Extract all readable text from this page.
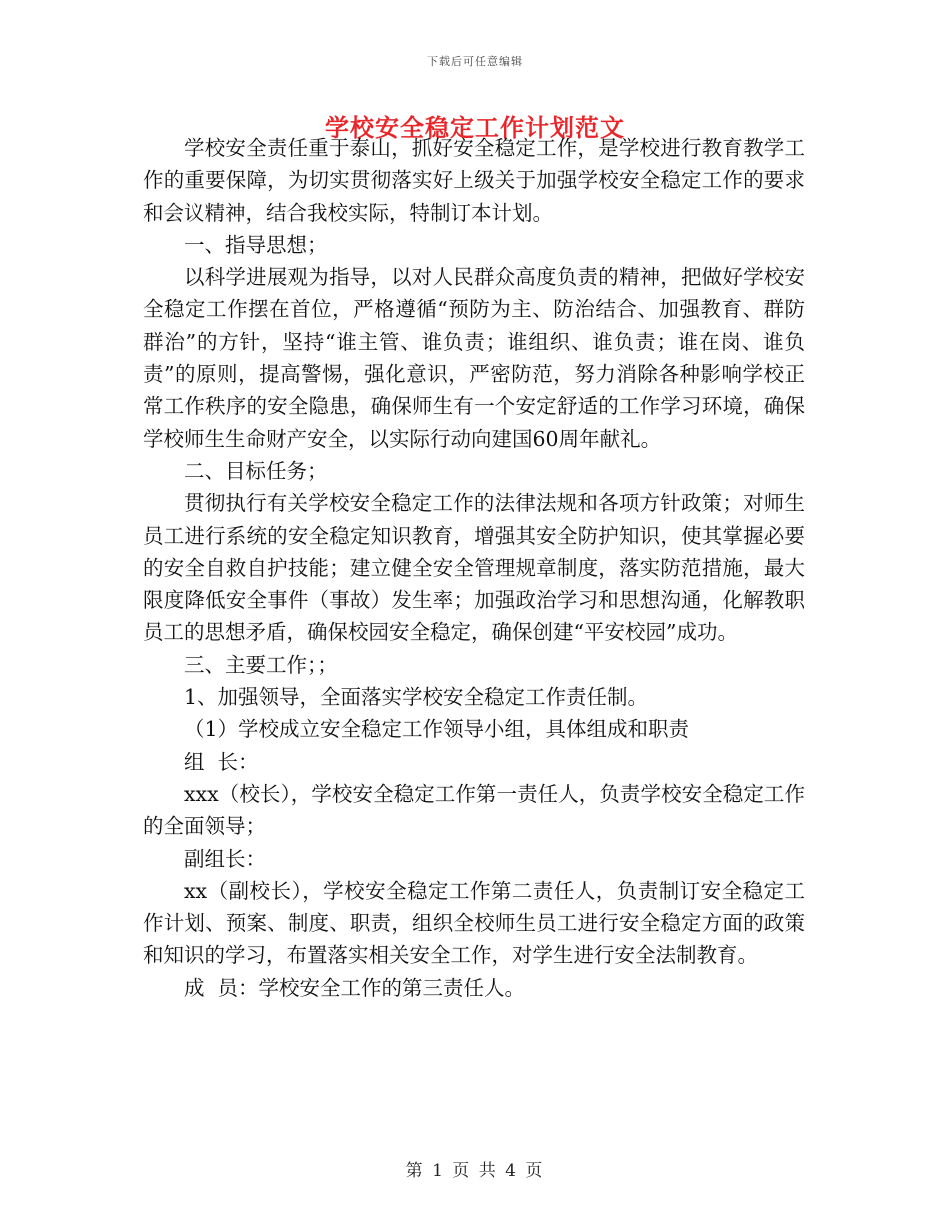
下载后可任意编辑
学校安全稳定工作计划范文

学校安全责任重于泰山，抓好安全稳定工作，是学校进行教育教学工作的重要保障，为切实贯彻落实好上级关于加强学校安全稳定工作的要求和会议精神，结合我校实际，特制订本计划。

一、指导思想；

以科学进展观为指导，以对人民群众高度负责的精神，把做好学校安全稳定工作摆在首位，严格遵循“预防为主、防治结合、加强教育、群防群治”的方针，坚持“谁主管、谁负责；谁组织、谁负责；谁在岗、谁负责”的原则，提高警惕，强化意识，严密防范，努力消除各种影响学校正常工作秩序的安全隐患，确保师生有一个安定舒适的工作学习环境，确保学校师生生命财产安全，以实际行动向建国60周年献礼。

二、目标任务；

贯彻执行有关学校安全稳定工作的法律法规和各项方针政策；对师生员工进行系统的安全稳定知识教育，增强其安全防护知识，使其掌握必要的安全自救自护技能；建立健全安全管理规章制度，落实防范措施，最大限度降低安全事件（事故）发生率；加强政治学习和思想沟通，化解教职员工的思想矛盾，确保校园安全稳定，确保创建“平安校园”成功。

三、主要工作；；

1、加强领导，全面落实学校安全稳定工作责任制。

（1）学校成立安全稳定工作领导小组，具体组成和职责

组  长：

xxx（校长），学校安全稳定工作第一责任人，负责学校安全稳定工作的全面领导；

副组长：

xx（副校长），学校安全稳定工作第二责任人，负责制订安全稳定工作计划、预案、制度、职责，组织全校师生员工进行安全稳定方面的政策和知识的学习，布置落实相关安全工作，对学生进行安全法制教育。

成  员：学校安全工作的第三责任人。

第 1 页 共 4 页
